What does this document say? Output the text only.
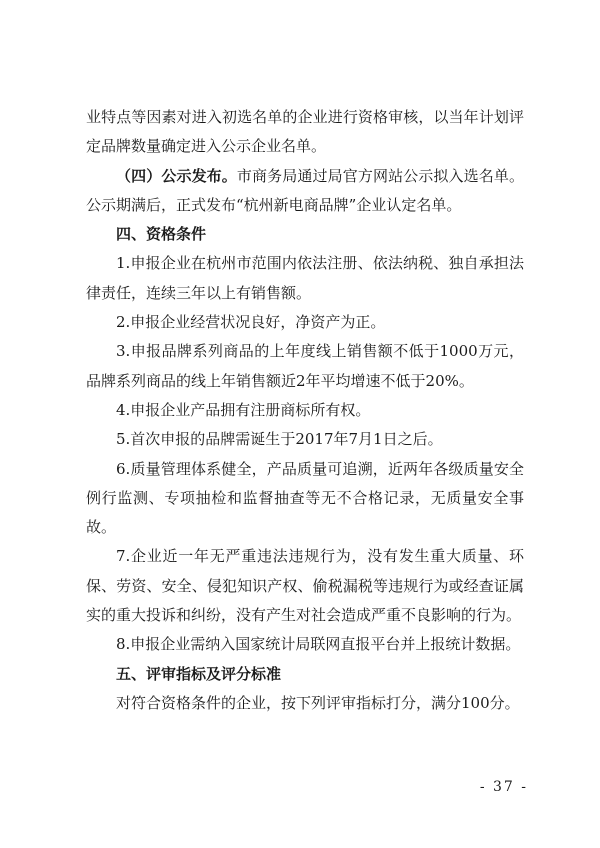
业特点等因素对进入初选名单的企业进行资格审核，以当年计划评定品牌数量确定进入公示企业名单。

（四）公示发布。市商务局通过局官方网站公示拟入选名单。公示期满后，正式发布“杭州新电商品牌”企业认定名单。

四、资格条件

1.申报企业在杭州市范围内依法注册、依法纳税、独自承担法律责任，连续三年以上有销售额。

2.申报企业经营状况良好，净资产为正。

3.申报品牌系列商品的上年度线上销售额不低于1000万元，品牌系列商品的线上年销售额近2年平均增速不低于20%。

4.申报企业产品拥有注册商标所有权。

5.首次申报的品牌需诞生于2017年7月1日之后。

6.质量管理体系健全，产品质量可追溯，近两年各级质量安全例行监测、专项抽检和监督抽查等无不合格记录，无质量安全事故。

7.企业近一年无严重违法违规行为，没有发生重大质量、环保、劳资、安全、侵犯知识产权、偷税漏税等违规行为或经查证属实的重大投诉和纠纷，没有产生对社会造成严重不良影响的行为。

8.申报企业需纳入国家统计局联网直报平台并上报统计数据。

五、评审指标及评分标准

对符合资格条件的企业，按下列评审指标打分，满分100分。

- 37 -
